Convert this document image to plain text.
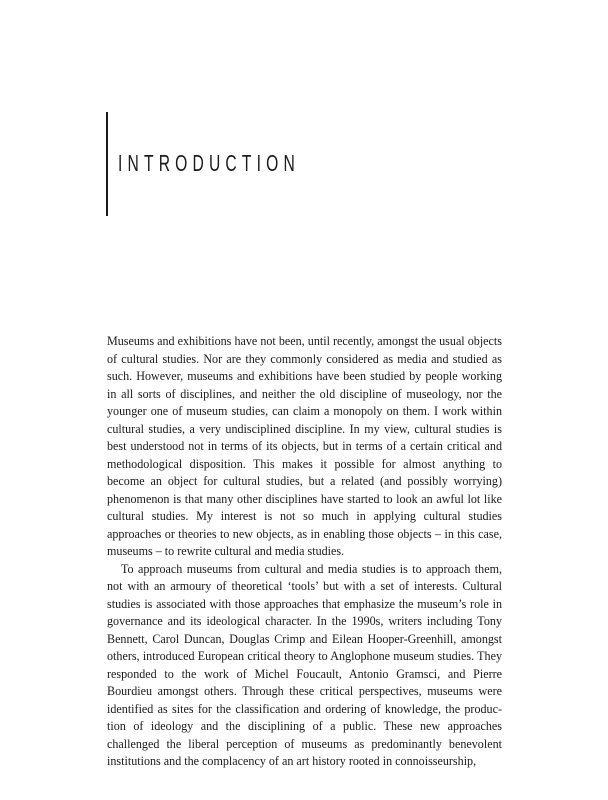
INTRODUCTION

Museums and exhibitions have not been, until recently, amongst the usual objects of cultural studies. Nor are they commonly considered as media and studied as such. However, museums and exhibitions have been studied by people working in all sorts of disciplines, and neither the old discipline of museology, nor the younger one of museum studies, can claim a monopoly on them. I work within cultural studies, a very undisciplined discipline. In my view, cultural studies is best understood not in terms of its objects, but in terms of a certain critical and methodological disposition. This makes it possible for almost anything to become an object for cultural studies, but a related (and possibly worrying) phenomenon is that many other disciplines have started to look an awful lot like cultural studies. My interest is not so much in applying cultural studies approaches or theories to new objects, as in enabling those objects – in this case, museums – to rewrite cultural and media studies.

To approach museums from cultural and media studies is to approach them, not with an armoury of theoretical ‘tools’ but with a set of interests. Cultural studies is associated with those approaches that emphasize the museum’s role in governance and its ideological character. In the 1990s, writers including Tony Bennett, Carol Duncan, Douglas Crimp and Eilean Hooper-Greenhill, amongst others, introduced European critical theory to Anglophone museum studies. They responded to the work of Michel Foucault, Antonio Gramsci, and Pierre Bourdieu amongst others. Through these critical perspectives, museums were identified as sites for the classification and ordering of knowledge, the production of ideology and the disciplining of a public. These new approaches challenged the liberal perception of museums as predominantly benevolent institutions and the complacency of an art history rooted in connoisseurship,
